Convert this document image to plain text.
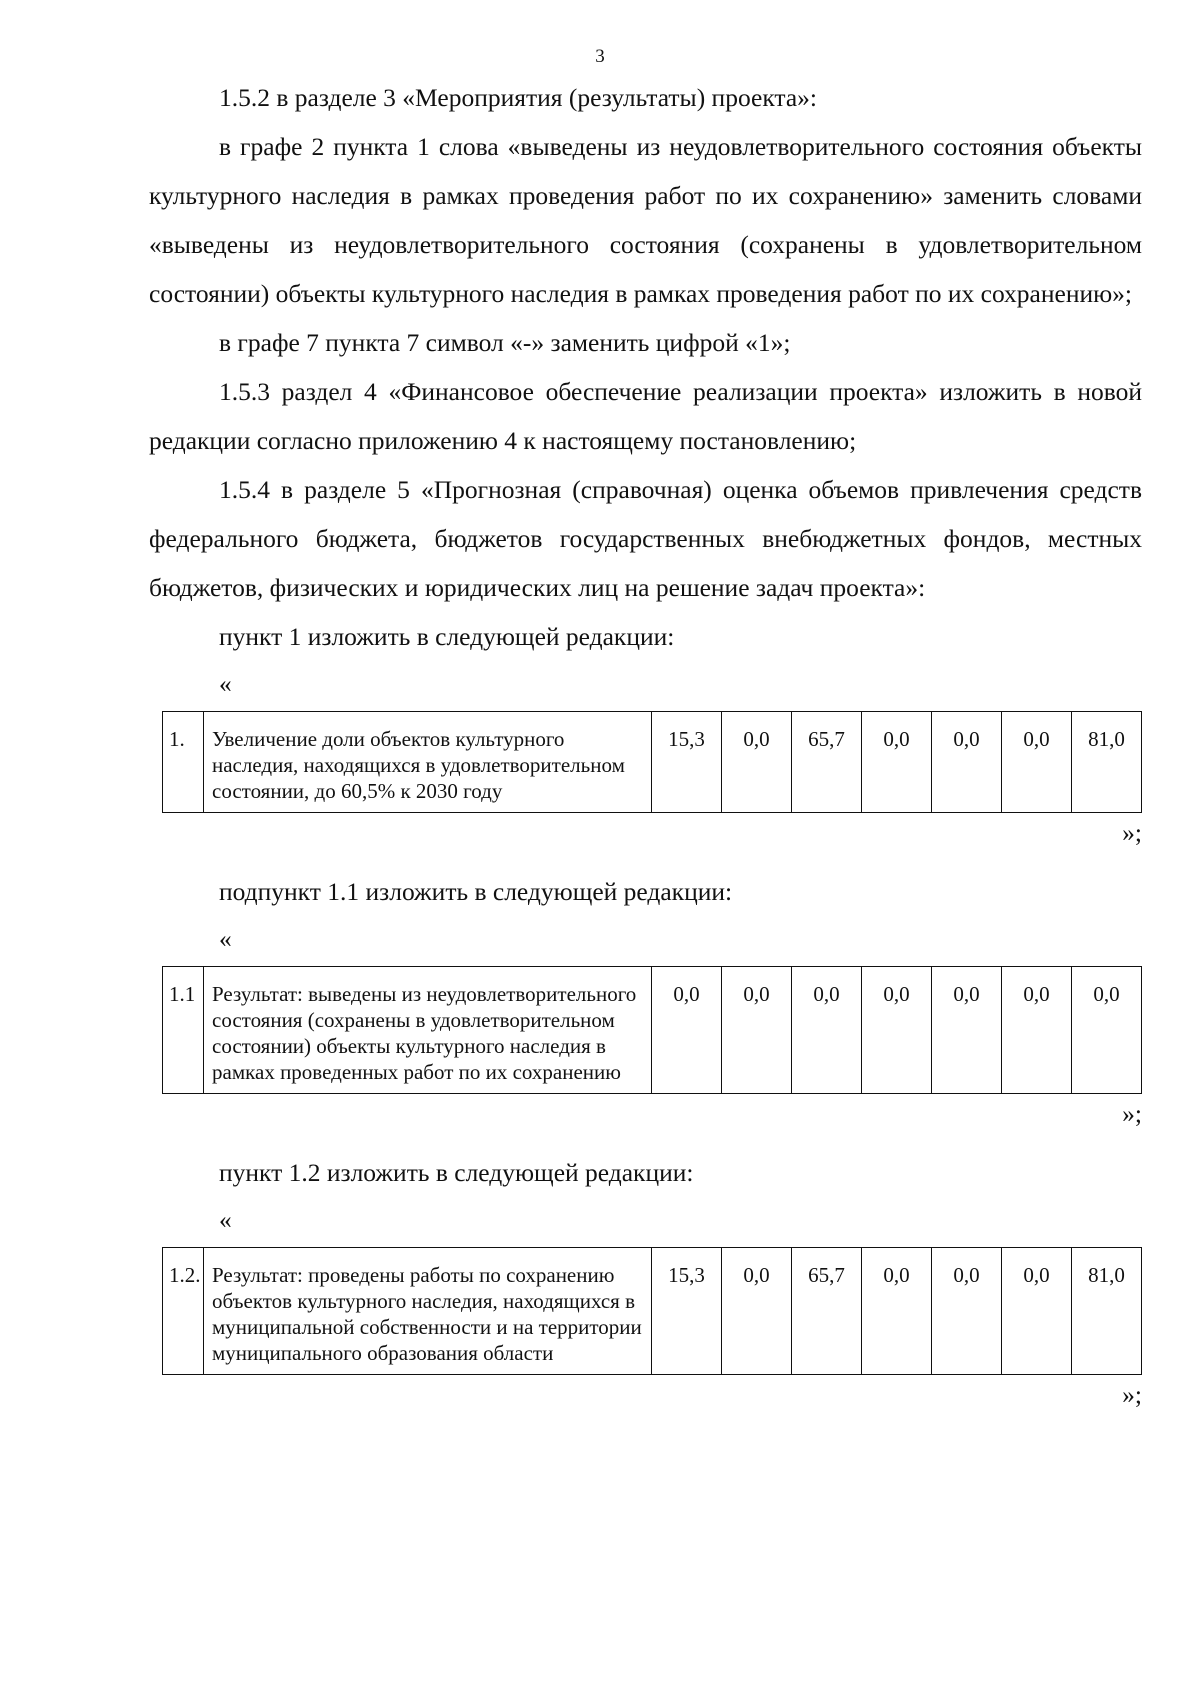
3

1.5.2 в разделе 3 «Мероприятия (результаты) проекта»:

в графе 2 пункта 1 слова «выведены из неудовлетворительного состояния объекты культурного наследия в рамках проведения работ по их сохранению» заменить словами «выведены из неудовлетворительного состояния (сохранены в удовлетворительном состоянии) объекты культурного наследия в рамках проведения работ по их сохранению»;

в графе 7 пункта 7 символ «-» заменить цифрой «1»;

1.5.3 раздел 4 «Финансовое обеспечение реализации проекта» изложить в новой редакции согласно приложению 4 к настоящему постановлению;

1.5.4 в разделе 5 «Прогнозная (справочная) оценка объемов привлечения средств федерального бюджета, бюджетов государственных внебюджетных фондов, местных бюджетов, физических и юридических лиц на решение задач проекта»:

пункт 1 изложить в следующей редакции:

«

1.	Увеличение доли объектов культурного наследия, находящихся в удовлетворительном состоянии, до 60,5% к 2030 году	15,3	0,0	65,7	0,0	0,0	0,0	81,0

»;

подпункт 1.1 изложить в следующей редакции:

«

1.1	Результат: выведены из неудовлетворительного состояния (сохранены в удовлетворительном состоянии) объекты культурного наследия в рамках проведенных работ по их сохранению	0,0	0,0	0,0	0,0	0,0	0,0	0,0

»;

пункт 1.2 изложить в следующей редакции:

«

1.2.	Результат: проведены работы по сохранению объектов культурного наследия, находящихся в муниципальной собственности и на территории муниципального образования области	15,3	0,0	65,7	0,0	0,0	0,0	81,0

»;
